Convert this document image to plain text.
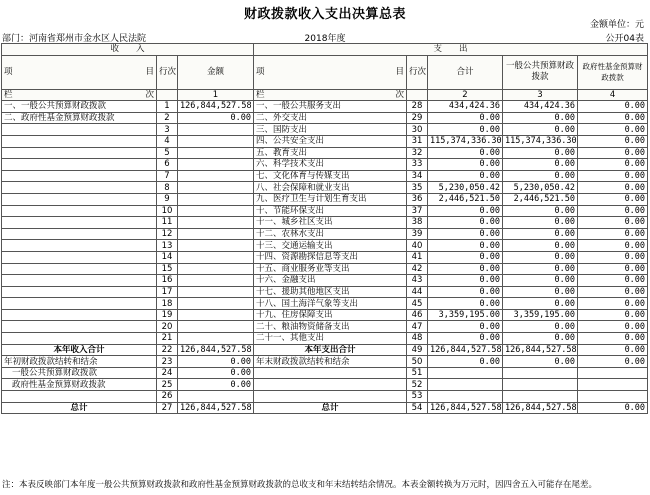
财政拨款收入支出决算总表
金额单位：元
部门：河南省郑州市金水区人民法院	2018年度	公开04表
收　　入			支　　出				
项 目	行次	金额	项 目	行次	合计	一般公共预算财政拨款	政府性基金预算财政拨款
栏 次		1	栏 次		2	3	4
一、一般公共预算财政拨款	1	126,844,527.58	一、一般公共服务支出	28	434,424.36	434,424.36	0.00
二、政府性基金预算财政拨款	2	0.00	二、外交支出	29	0.00	0.00	0.00
	3		三、国防支出	30	0.00	0.00	0.00
	4		四、公共安全支出	31	115,374,336.30	115,374,336.30	0.00
	5		五、教育支出	32	0.00	0.00	0.00
	6		六、科学技术支出	33	0.00	0.00	0.00
	7		七、文化体育与传媒支出	34	0.00	0.00	0.00
	8		八、社会保障和就业支出	35	5,230,050.42	5,230,050.42	0.00
	9		九、医疗卫生与计划生育支出	36	2,446,521.50	2,446,521.50	0.00
	10		十、节能环保支出	37	0.00	0.00	0.00
	11		十一、城乡社区支出	38	0.00	0.00	0.00
	12		十二、农林水支出	39	0.00	0.00	0.00
	13		十三、交通运输支出	40	0.00	0.00	0.00
	14		十四、资源勘探信息等支出	41	0.00	0.00	0.00
	15		十五、商业服务业等支出	42	0.00	0.00	0.00
	16		十六、金融支出	43	0.00	0.00	0.00
	17		十七、援助其他地区支出	44	0.00	0.00	0.00
	18		十八、国土海洋气象等支出	45	0.00	0.00	0.00
	19		十九、住房保障支出	46	3,359,195.00	3,359,195.00	0.00
	20		二十、粮油物资储备支出	47	0.00	0.00	0.00
	21		二十一、其他支出	48	0.00	0.00	0.00
本年收入合计	22	126,844,527.58	本年支出合计	49	126,844,527.58	126,844,527.58	0.00
年初财政拨款结转和结余	23	0.00	年末财政拨款结转和结余	50	0.00	0.00	0.00
一般公共预算财政拨款	24	0.00		51			
政府性基金预算财政拨款	25	0.00		52			
	26			53			
总计	27	126,844,527.58	总计	54	126,844,527.58	126,844,527.58	0.00
注：本表反映部门本年度一般公共预算财政拨款和政府性基金预算财政拨款的总收支和年末结转结余情况。本表金额转换为万元时，因四舍五入可能存在尾差。
